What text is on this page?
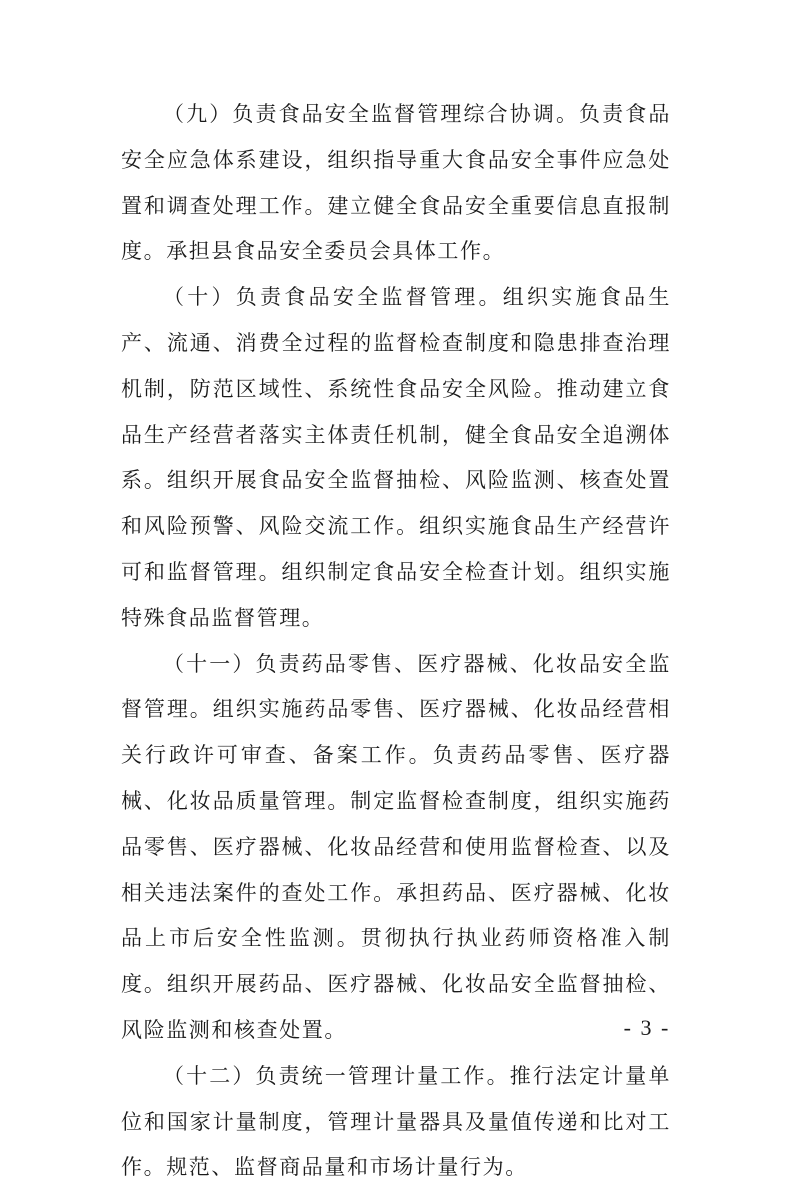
（九）负责食品安全监督管理综合协调。负责食品安全应急体系建设，组织指导重大食品安全事件应急处置和调查处理工作。建立健全食品安全重要信息直报制度。承担县食品安全委员会具体工作。

（十）负责食品安全监督管理。组织实施食品生产、流通、消费全过程的监督检查制度和隐患排查治理机制，防范区域性、系统性食品安全风险。推动建立食品生产经营者落实主体责任机制，健全食品安全追溯体系。组织开展食品安全监督抽检、风险监测、核查处置和风险预警、风险交流工作。组织实施食品生产经营许可和监督管理。组织制定食品安全检查计划。组织实施特殊食品监督管理。

（十一）负责药品零售、医疗器械、化妆品安全监督管理。组织实施药品零售、医疗器械、化妆品经营相关行政许可审查、备案工作。负责药品零售、医疗器械、化妆品质量管理。制定监督检查制度，组织实施药品零售、医疗器械、化妆品经营和使用监督检查、以及相关违法案件的查处工作。承担药品、医疗器械、化妆品上市后安全性监测。贯彻执行执业药师资格准入制度。组织开展药品、医疗器械、化妆品安全监督抽检、风险监测和核查处置。

（十二）负责统一管理计量工作。推行法定计量单位和国家计量制度，管理计量器具及量值传递和比对工作。规范、监督商品量和市场计量行为。

- 3 -
